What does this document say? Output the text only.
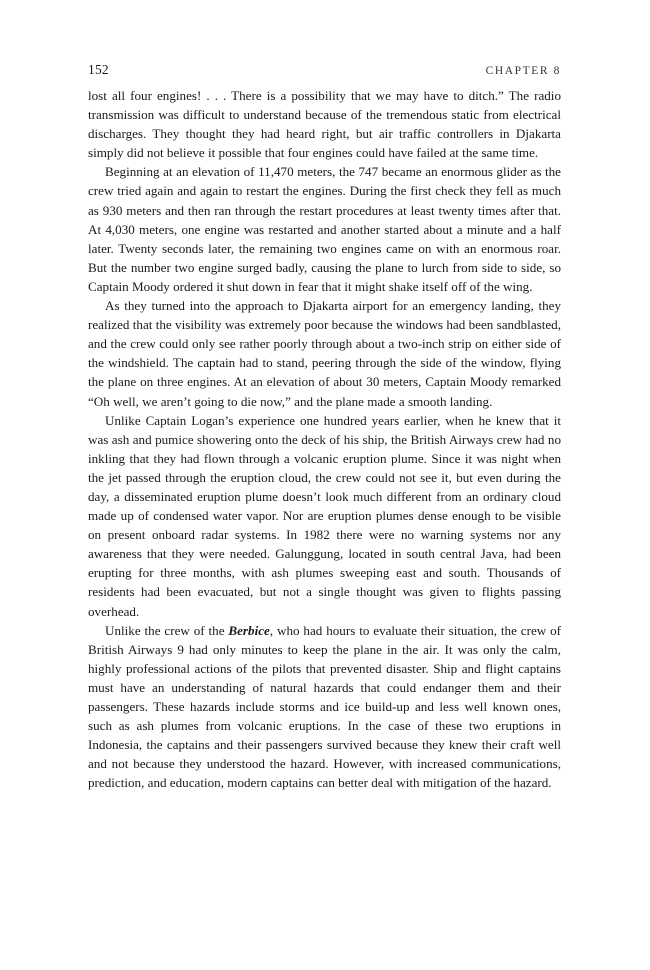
152	CHAPTER 8

lost all four engines! . . . There is a possibility that we may have to ditch.” The radio transmission was difficult to understand because of the tremendous static from electrical discharges. They thought they had heard right, but air traffic controllers in Djakarta simply did not believe it possible that four engines could have failed at the same time.

Beginning at an elevation of 11,470 meters, the 747 became an enormous glider as the crew tried again and again to restart the engines. During the first check they fell as much as 930 meters and then ran through the restart procedures at least twenty times after that. At 4,030 meters, one engine was restarted and another started about a minute and a half later. Twenty seconds later, the remaining two engines came on with an enormous roar. But the number two engine surged badly, causing the plane to lurch from side to side, so Captain Moody ordered it shut down in fear that it might shake itself off of the wing.

As they turned into the approach to Djakarta airport for an emergency landing, they realized that the visibility was extremely poor because the windows had been sandblasted, and the crew could only see rather poorly through about a two-inch strip on either side of the windshield. The captain had to stand, peering through the side of the window, flying the plane on three engines. At an elevation of about 30 meters, Captain Moody remarked “Oh well, we aren’t going to die now,” and the plane made a smooth landing.

Unlike Captain Logan’s experience one hundred years earlier, when he knew that it was ash and pumice showering onto the deck of his ship, the British Airways crew had no inkling that they had flown through a volcanic eruption plume. Since it was night when the jet passed through the eruption cloud, the crew could not see it, but even during the day, a disseminated eruption plume doesn’t look much different from an ordinary cloud made up of condensed water vapor. Nor are eruption plumes dense enough to be visible on present onboard radar systems. In 1982 there were no warning systems nor any awareness that they were needed. Galunggung, located in south central Java, had been erupting for three months, with ash plumes sweeping east and south. Thousands of residents had been evacuated, but not a single thought was given to flights passing overhead.

Unlike the crew of the Berbice, who had hours to evaluate their situation, the crew of British Airways 9 had only minutes to keep the plane in the air. It was only the calm, highly professional actions of the pilots that prevented disaster. Ship and flight captains must have an understanding of natural hazards that could endanger them and their passengers. These hazards include storms and ice build-up and less well known ones, such as ash plumes from volcanic eruptions. In the case of these two eruptions in Indonesia, the captains and their passengers survived because they knew their craft well and not because they understood the hazard. However, with increased communications, prediction, and education, modern captains can better deal with mitigation of the hazard.
